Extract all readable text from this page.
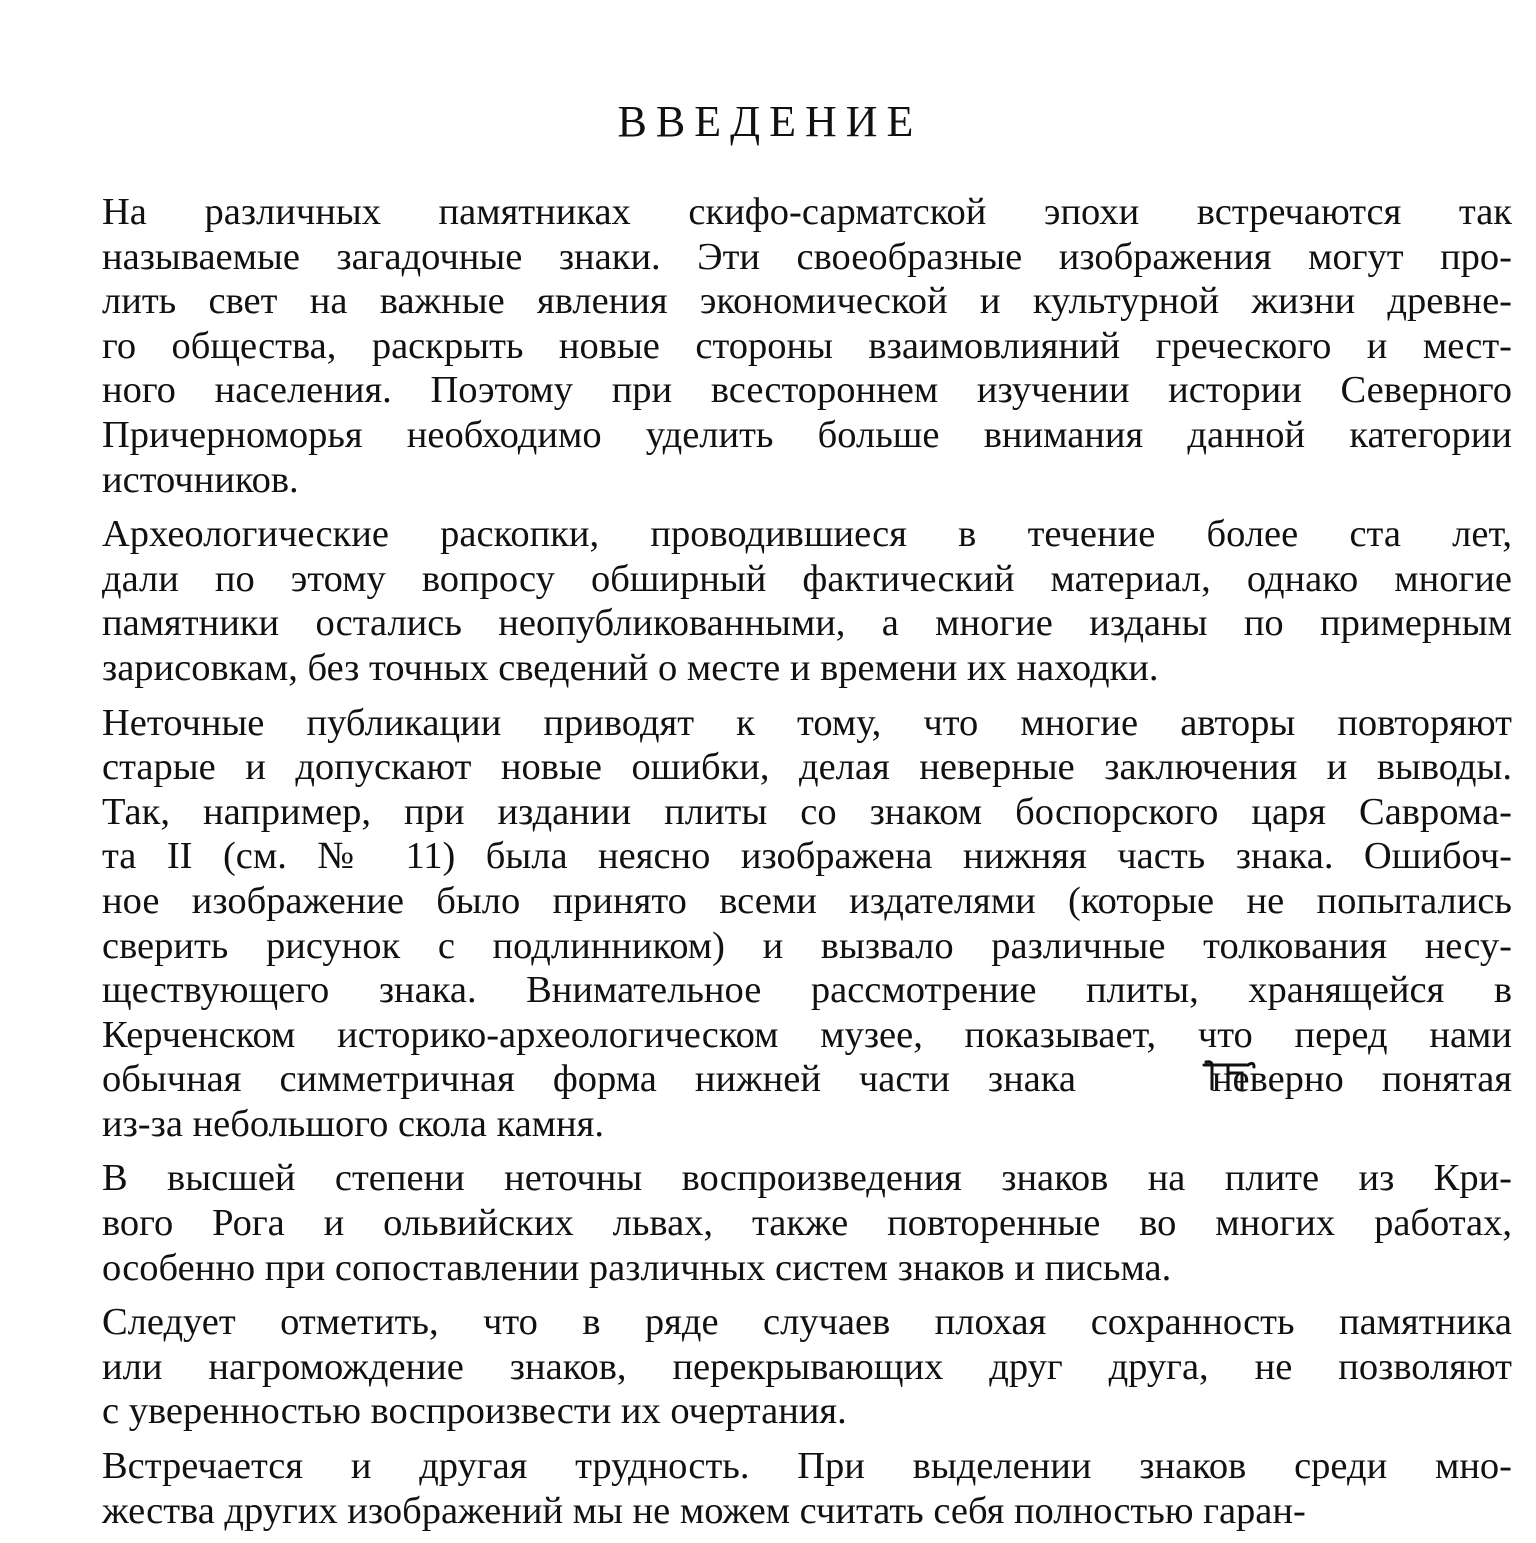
ВВЕДЕНИЕ

На различных памятниках скифо-сарматской эпохи встречаются так
называемые загадочные знаки. Эти своеобразные изображения могут про-
лить свет на важные явления экономической и культурной жизни древне-
го общества, раскрыть новые стороны взаимовлияний греческого и мест-
ного населения. Поэтому при всестороннем изучении истории Северного
Причерноморья необходимо уделить больше внимания данной категории
источников.

Археологические раскопки, проводившиеся в течение более ста лет,
дали по этому вопросу обширный фактический материал, однако многие
памятники остались неопубликованными, а многие изданы по примерным
зарисовкам, без точных сведений о месте и времени их находки.

Неточные публикации приводят к тому, что многие авторы повторяют
старые и допускают новые ошибки, делая неверные заключения и выводы.
Так, например, при издании плиты со знаком боспорского царя Савромa-
та II (см. № 11) была неясно изображена нижняя часть знака. Ошибоч-
ное изображение было принято всеми издателями (которые не попытались
сверить рисунок с подлинником) и вызвало различные толкования несу-
ществующего знака. Внимательное рассмотрение плиты, хранящейся в
Керченском историко-археологическом музее, показывает, что перед нами
обычная симметричная форма нижней части знака  неверно понятая
из-за небольшого скола камня.

В высшей степени неточны воспроизведения знаков на плите из Кри-
вого Рога и ольвийских львах, также повторенные во многих работах,
особенно при сопоставлении различных систем знаков и письма.

Следует отметить, что в ряде случаев плохая сохранность памятника
или нагромождение знаков, перекрывающих друг друга, не позволяют
с уверенностью воспроизвести их очертания.

Встречается и другая трудность. При выделении знаков среди мно-
жества других изображений мы не можем считать себя полностью гаран-
